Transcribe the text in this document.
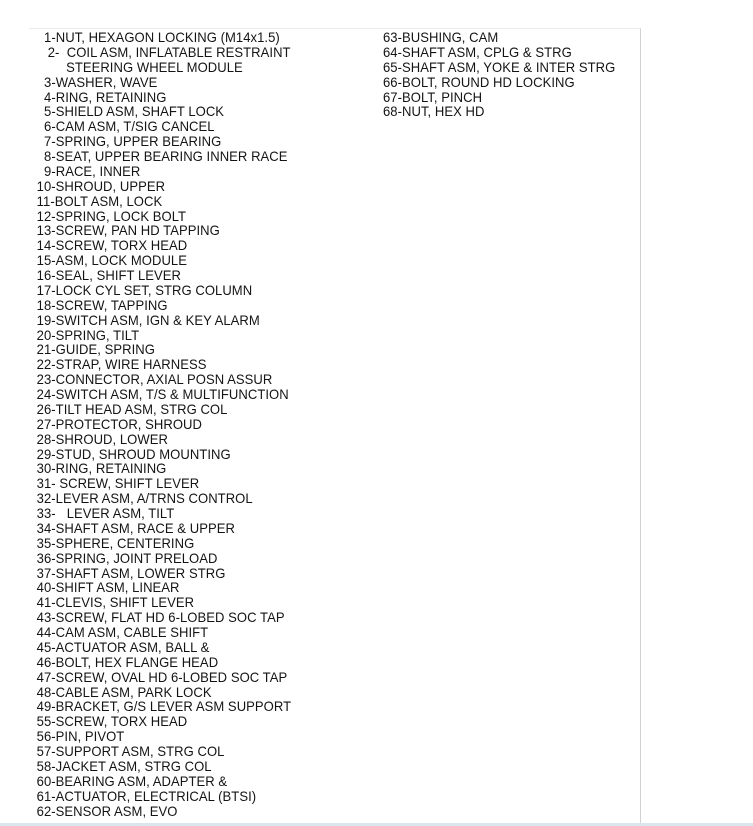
1-NUT, HEXAGON LOCKING (M14x1.5)
2-  COIL ASM, INFLATABLE RESTRAINT
STEERING WHEEL MODULE
3-WASHER, WAVE
4-RING, RETAINING
5-SHIELD ASM, SHAFT LOCK
6-CAM ASM, T/SIG CANCEL
7-SPRING, UPPER BEARING
8-SEAT, UPPER BEARING INNER RACE
9-RACE, INNER
10-SHROUD, UPPER
11-BOLT ASM, LOCK
12-SPRING, LOCK BOLT
13-SCREW, PAN HD TAPPING
14-SCREW, TORX HEAD
15-ASM, LOCK MODULE
16-SEAL, SHIFT LEVER
17-LOCK CYL SET, STRG COLUMN
18-SCREW, TAPPING
19-SWITCH ASM, IGN & KEY ALARM
20-SPRING, TILT
21-GUIDE, SPRING
22-STRAP, WIRE HARNESS
23-CONNECTOR, AXIAL POSN ASSUR
24-SWITCH ASM, T/S & MULTIFUNCTION
26-TILT HEAD ASM, STRG COL
27-PROTECTOR, SHROUD
28-SHROUD, LOWER
29-STUD, SHROUD MOUNTING
30-RING, RETAINING
31- SCREW, SHIFT LEVER
32-LEVER ASM, A/TRNS CONTROL
33-   LEVER ASM, TILT
34-SHAFT ASM, RACE & UPPER
35-SPHERE, CENTERING
36-SPRING, JOINT PRELOAD
37-SHAFT ASM, LOWER STRG
40-SHIFT ASM, LINEAR
41-CLEVIS, SHIFT LEVER
43-SCREW, FLAT HD 6-LOBED SOC TAP
44-CAM ASM, CABLE SHIFT
45-ACTUATOR ASM, BALL &
46-BOLT, HEX FLANGE HEAD
47-SCREW, OVAL HD 6-LOBED SOC TAP
48-CABLE ASM, PARK LOCK
49-BRACKET, G/S LEVER ASM SUPPORT
55-SCREW, TORX HEAD
56-PIN, PIVOT
57-SUPPORT ASM, STRG COL
58-JACKET ASM, STRG COL
60-BEARING ASM, ADAPTER &
61-ACTUATOR, ELECTRICAL (BTSI)
62-SENSOR ASM, EVO
63-BUSHING, CAM
64-SHAFT ASM, CPLG & STRG
65-SHAFT ASM, YOKE & INTER STRG
66-BOLT, ROUND HD LOCKING
67-BOLT, PINCH
68-NUT, HEX HD
